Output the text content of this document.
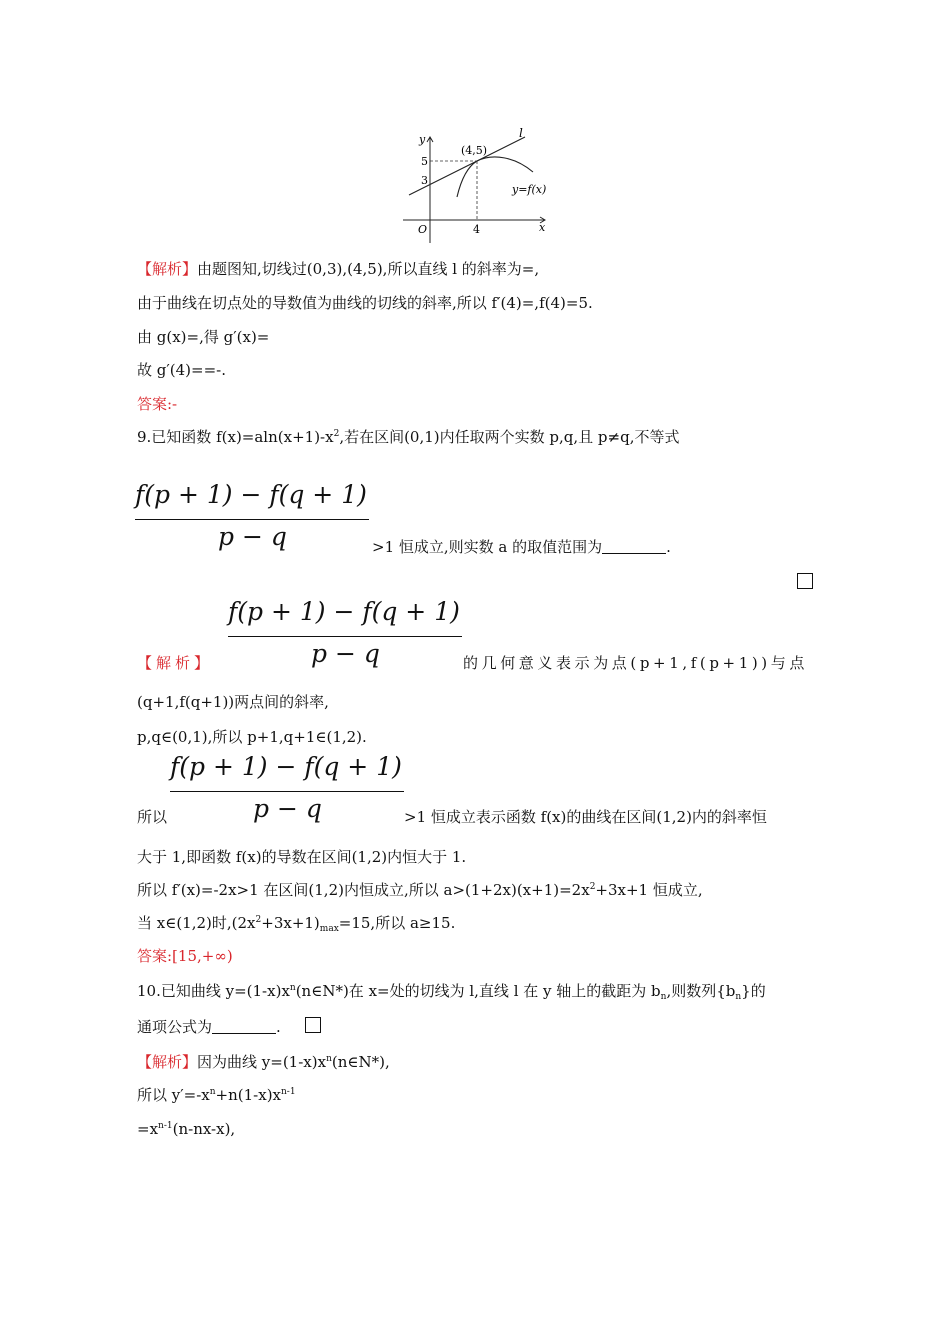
y
x
O
5
3
4
(4,5)
l
y=f(x)
【解析】由题图知,切线过(0,3),(4,5),所以直线 l 的斜率为=,
由于曲线在切点处的导数值为曲线的切线的斜率,所以 f′(4)=,f(4)=5.
由 g(x)=,得 g′(x)=
故 g′(4)==-.
答案:-
9.已知函数 $f(x)=aln(x+1)-x^2$,若在区间(0,1)内任取两个实数 p,q,且 p≠q,不等式
f(p + 1) − f(q + 1)
p − q	>1 恒成立,则实数 a 的取值范围为	.
f(p + 1) − f(q + 1)
p − q
【解析】	的几何意义表示为点(p+1,f(p+1))与点
(q+1,f(q+1))两点间的斜率,
p,q∈(0,1),所以 p+1,q+1∈(1,2).
f(p + 1) − f(q + 1)
p − q
所以	>1 恒成立表示函数 f(x)的曲线在区间(1,2)内的斜率恒
大于 1,即函数 f(x)的导数在区间(1,2)内恒大于 1.
所以 f′(x)=-2x>1 在区间(1,2)内恒成立,所以 $a>(1+2x)(x+1)=2x^2+3x+1$ 恒成立,
当 x∈(1,2)时$,(2x^2+3x+1)_{max}=15$,所以 a≥15.
答案:[15,+∞)
10.已知曲线 $y=(1-x)x^n(n\in N*)$在 x=处的切线为 l,直线 l 在 y 轴上的截距为 $b_n$,则数列$\{b_n\}$的
通项公式为	.
【解析】因为曲线 $y=(1-x)x^n(n\in N*)$,
所以 $y'=-x^n+n(1-x)x^{n-1}$
$=x^{n-1}(n-nx-x)$,
